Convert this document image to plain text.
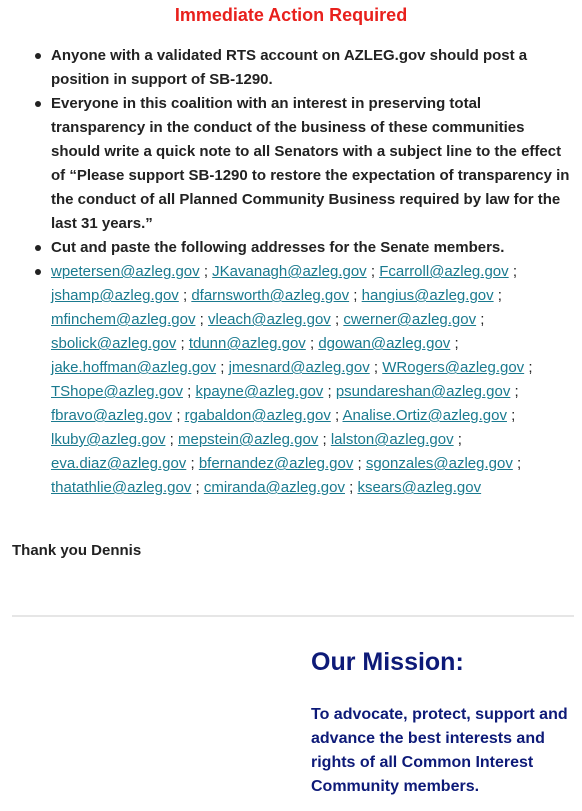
Immediate Action Required
Anyone with a validated RTS account on AZLEG.gov should post a position in support of SB-1290.
Everyone in this coalition with an interest in preserving total transparency in the conduct of the business of these communities should write a quick note to all Senators with a subject line to the effect of “Please support SB-1290 to restore the expectation of transparency in the conduct of all Planned Community Business required by law for the last 31 years.”
Cut and paste the following addresses for the Senate members.
wpetersen@azleg.gov ; JKavanagh@azleg.gov ; Fcarroll@azleg.gov ; jshamp@azleg.gov ; dfarnsworth@azleg.gov ; hangius@azleg.gov ; mfinchem@azleg.gov ; vleach@azleg.gov ; cwerner@azleg.gov ; sbolick@azleg.gov ; tdunn@azleg.gov ; dgowan@azleg.gov ; jake.hoffman@azleg.gov ; jmesnard@azleg.gov ; WRogers@azleg.gov ; TShope@azleg.gov ; kpayne@azleg.gov ; psundareshan@azleg.gov ; fbravo@azleg.gov ; rgabaldon@azleg.gov ; Analise.Ortiz@azleg.gov ; lkuby@azleg.gov ; mepstein@azleg.gov ; lalston@azleg.gov ; eva.diaz@azleg.gov ; bfernandez@azleg.gov ; sgonzales@azleg.gov ; thatathlie@azleg.gov ; cmiranda@azleg.gov ; ksears@azleg.gov
Thank you Dennis
Our Mission:
To advocate, protect, support and advance the best interests and rights of all Common Interest Community members.
